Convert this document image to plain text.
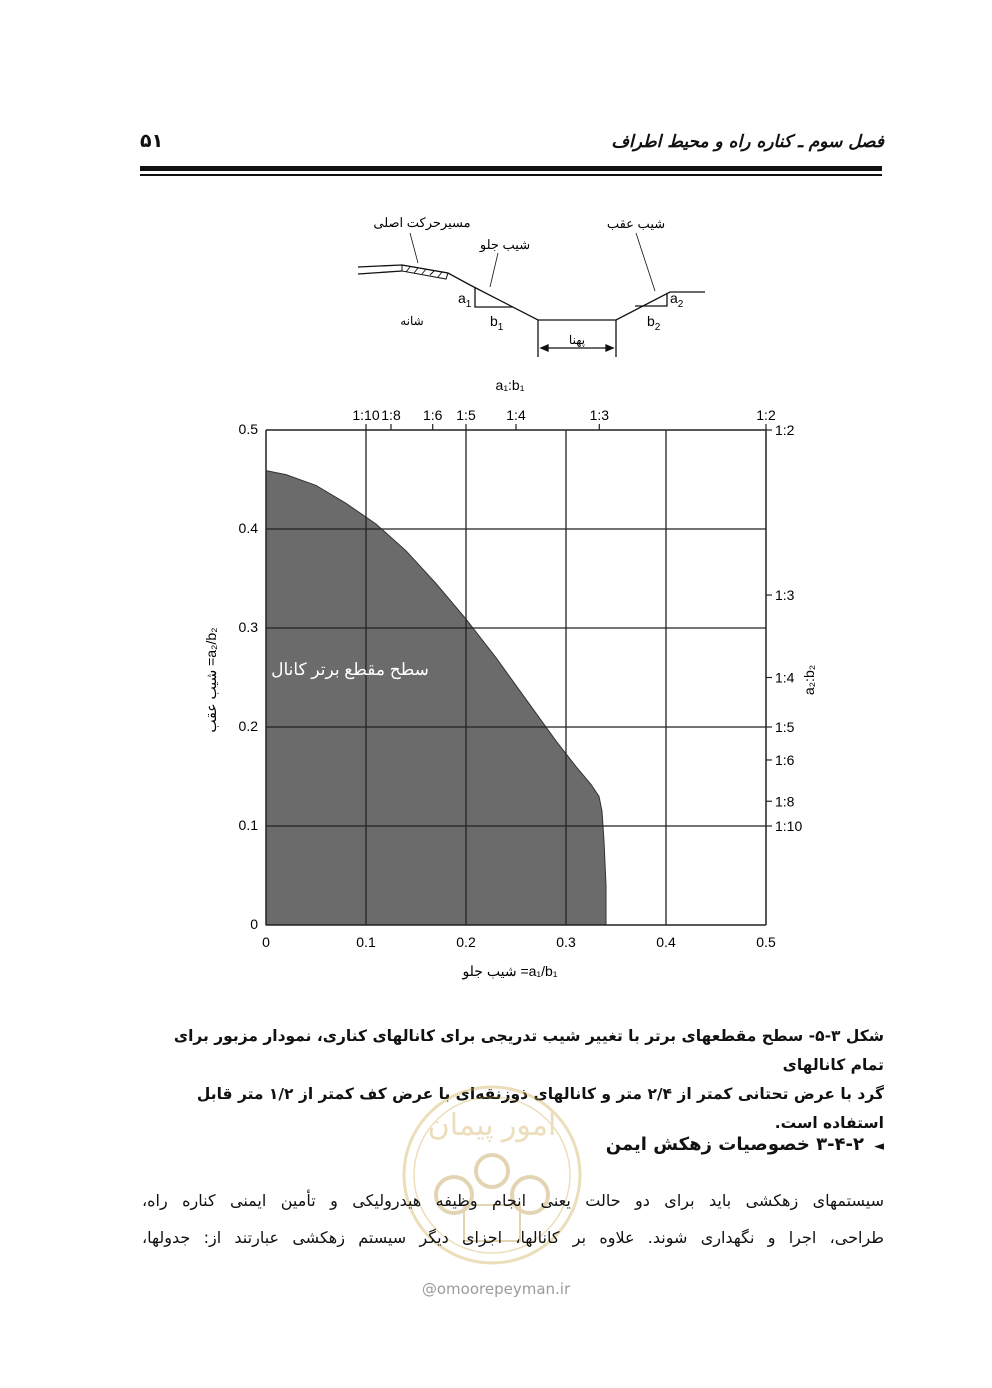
فصل سوم ـ کناره راه و محیط اطراف
۵۱
مسیرحرکت اصلی
شیب جلو
شیب عقب
شانه
پهنا
$a_1$
$b_1$
$a_2$
$b_2$
0	0.1	0.2	0.3	0.4	0.5
0
0.1
0.2
0.3
0.4
0.5
1:10 1:8 1:6 1:5 1:4	1:3	1:2
1:2
1:3
1:4
1:5
1:6
1:8
1:10
سطح مقطع برتر کانال
a₁:b₁
a₁/b₁= شیب جلو
a₂/b₂= شیب عقب
a₂:b₂
شکل ۳-۵- سطح مقطعهای برتر با تغییر شیب تدریجی برای کانالهای کناری، نمودار مزبور برای تمام کانالهای
گرد با عرض تحتانی کمتر از ۲/۴ متر و کانالهای ذوزنقه‌ای با عرض کف کمتر از ۱/۲ متر قابل استفاده است.
امور پیمان
◄۳-۴-۲ خصوصیات زهکش ایمن

سیستمهای زهکشی باید برای دو حالت یعنی انجام وظیفه هیدرولیکی و تأمین ایمنی کناره راه،

طراحی، اجرا و نگهداری شوند. علاوه بر کانالها، اجزای دیگر سیستم زهکشی عبارتند از: جدولها،

@omoorepeyman.ir
